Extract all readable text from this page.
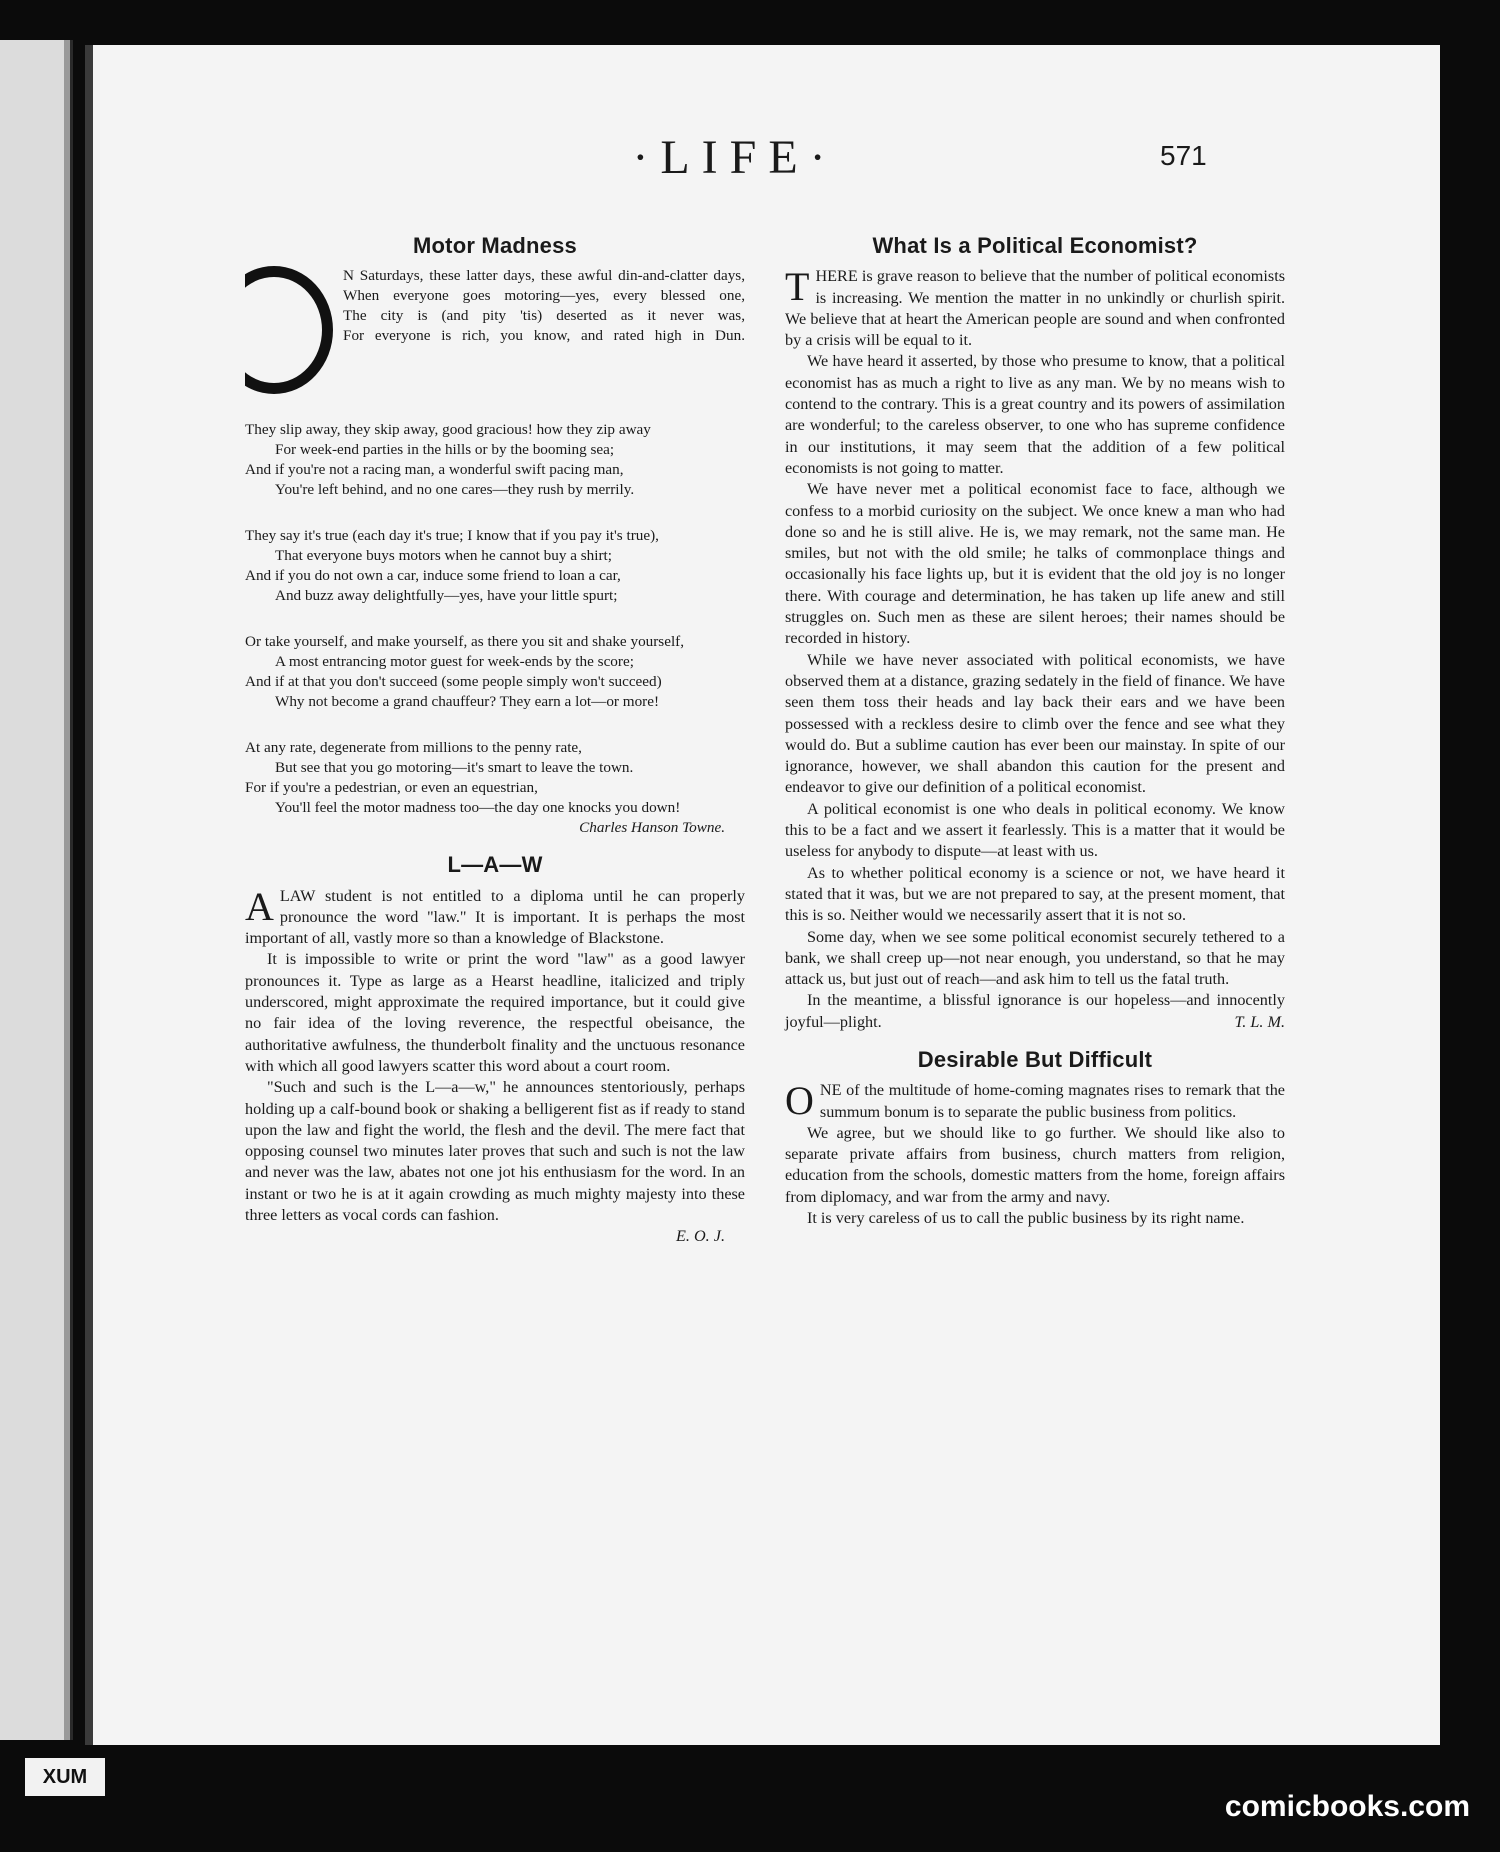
·LIFE·	571
Motor Madness
N Saturdays, these latter days, these awful din-and-clatter days,
When everyone goes motoring—yes, every blessed one,
The city is (and pity 'tis) deserted as it never was,
For everyone is rich, you know, and rated high in Dun.
They slip away, they skip away, good gracious! how they zip away
For week-end parties in the hills or by the booming sea;
And if you're not a racing man, a wonderful swift pacing man,
You're left behind, and no one cares—they rush by merrily.
They say it's true (each day it's true; I know that if you pay it's true),
That everyone buys motors when he cannot buy a shirt;
And if you do not own a car, induce some friend to loan a car,
And buzz away delightfully—yes, have your little spurt;
Or take yourself, and make yourself, as there you sit and shake yourself,
A most entrancing motor guest for week-ends by the score;
And if at that you don't succeed (some people simply won't succeed)
Why not become a grand chauffeur? They earn a lot—or more!
At any rate, degenerate from millions to the penny rate,
But see that you go motoring—it's smart to leave the town.
For if you're a pedestrian, or even an equestrian,
You'll feel the motor madness too—the day one knocks you down!
Charles Hanson Towne.
L—A—W

ALAW student is not entitled to a diploma until he can properly pronounce the word "law." It is important. It is perhaps the most important of all, vastly more so than a knowledge of Blackstone.

It is impossible to write or print the word "law" as a good lawyer pronounces it. Type as large as a Hearst headline, italicized and triply underscored, might approximate the required importance, but it could give no fair idea of the loving reverence, the respectful obeisance, the authoritative awfulness, the thunderbolt finality and the unctuous resonance with which all good lawyers scatter this word about a court room.

"Such and such is the L—a—w," he announces stentoriously, perhaps holding up a calf-bound book or shaking a belligerent fist as if ready to stand upon the law and fight the world, the flesh and the devil. The mere fact that opposing counsel two minutes later proves that such and such is not the law and never was the law, abates not one jot his enthusiasm for the word. In an instant or two he is at it again crowding as much mighty majesty into these three letters as vocal cords can fashion.

E. O. J.
What Is a Political Economist?

THERE is grave reason to believe that the number of political economists is increasing. We mention the matter in no unkindly or churlish spirit. We believe that at heart the American people are sound and when confronted by a crisis will be equal to it.

We have heard it asserted, by those who presume to know, that a political economist has as much a right to live as any man. We by no means wish to contend to the contrary. This is a great country and its powers of assimilation are wonderful; to the careless observer, to one who has supreme confidence in our institutions, it may seem that the addition of a few political economists is not going to matter.

We have never met a political economist face to face, although we confess to a morbid curiosity on the subject. We once knew a man who had done so and he is still alive. He is, we may remark, not the same man. He smiles, but not with the old smile; he talks of commonplace things and occasionally his face lights up, but it is evident that the old joy is no longer there. With courage and determination, he has taken up life anew and still struggles on. Such men as these are silent heroes; their names should be recorded in history.

While we have never associated with political economists, we have observed them at a distance, grazing sedately in the field of finance. We have seen them toss their heads and lay back their ears and we have been possessed with a reckless desire to climb over the fence and see what they would do. But a sublime caution has ever been our mainstay. In spite of our ignorance, however, we shall abandon this caution for the present and endeavor to give our definition of a political economist.

A political economist is one who deals in political economy. We know this to be a fact and we assert it fearlessly. This is a matter that it would be useless for anybody to dispute—at least with us.

As to whether political economy is a science or not, we have heard it stated that it was, but we are not prepared to say, at the present moment, that this is so. Neither would we necessarily assert that it is not so.

Some day, when we see some political economist securely tethered to a bank, we shall creep up—not near enough, you understand, so that he may attack us, but just out of reach—and ask him to tell us the fatal truth.

In the meantime, a blissful ignorance is our hopeless—and innocently joyful—plight.	T. L. M.

Desirable But Difficult

ONE of the multitude of home-coming magnates rises to remark that the summum bonum is to separate the public business from politics.

We agree, but we should like to go further. We should like also to separate private affairs from business, church matters from religion, education from the schools, domestic matters from the home, foreign affairs from diplomacy, and war from the army and navy.

It is very careless of us to call the public business by its right name.

XUM
comicbooks.com
